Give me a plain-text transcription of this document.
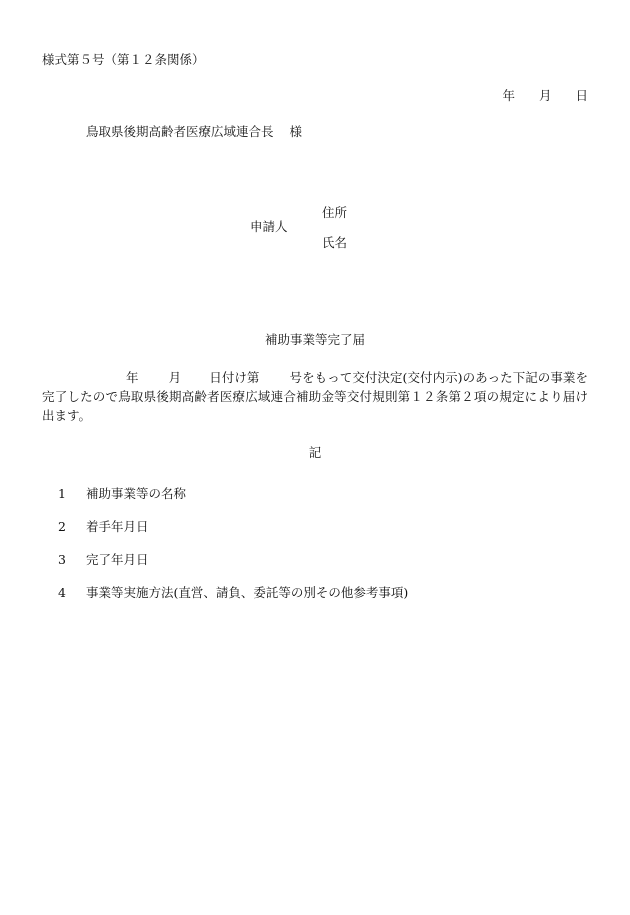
様式第５号（第１２条関係）
年 月 日
鳥取県後期高齢者医療広域連合長 様
住所
申請人
氏名
補助事業等完了届
年 月 日付け第 号をもって交付決定(交付内示)のあった下記の事業を完了したので鳥取県後期高齢者医療広域連合補助金等交付規則第１２条第２項の規定により届け出ます。
記
1 補助事業等の名称
2 着手年月日
3 完了年月日
4 事業等実施方法(直営、請負、委託等の別その他参考事項)
